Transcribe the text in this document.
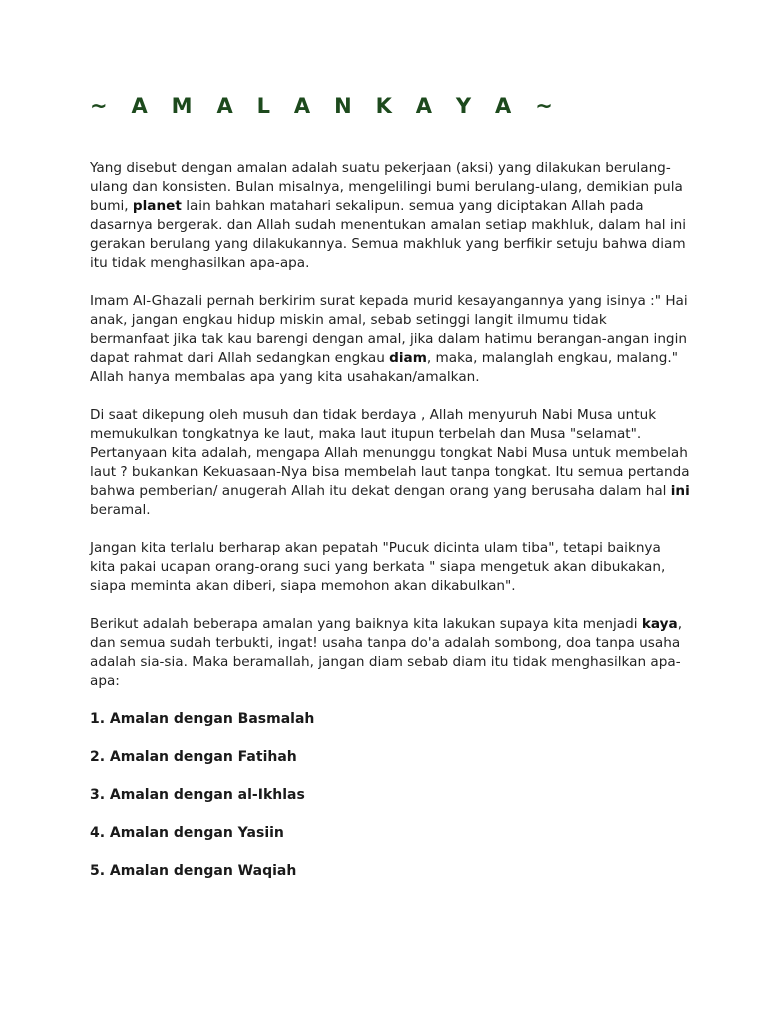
~ A M A L A N K A Y A ~

Yang disebut dengan amalan adalah suatu pekerjaan (aksi) yang dilakukan berulang-ulang dan konsisten. Bulan misalnya, mengelilingi bumi berulang-ulang, demikian pula bumi, planet lain bahkan matahari sekalipun. semua yang diciptakan Allah pada dasarnya bergerak. dan Allah sudah menentukan amalan setiap makhluk, dalam hal ini gerakan berulang yang dilakukannya. Semua makhluk yang berfikir setuju bahwa diam itu tidak menghasilkan apa-apa.

Imam Al-Ghazali pernah berkirim surat kepada murid kesayangannya yang isinya :" Hai anak, jangan engkau hidup miskin amal, sebab setinggi langit ilmumu tidak bermanfaat jika tak kau barengi dengan amal, jika dalam hatimu berangan-angan ingin dapat rahmat dari Allah sedangkan engkau diam, maka, malanglah engkau, malang." Allah hanya membalas apa yang kita usahakan/amalkan.

Di saat dikepung oleh musuh dan tidak berdaya , Allah menyuruh Nabi Musa untuk memukulkan tongkatnya ke laut, maka laut itupun terbelah dan Musa "selamat". Pertanyaan kita adalah, mengapa Allah menunggu tongkat Nabi Musa untuk membelah laut ? bukankan Kekuasaan-Nya bisa membelah laut tanpa tongkat. Itu semua pertanda bahwa pemberian/ anugerah Allah itu dekat dengan orang yang berusaha dalam hal ini beramal.

Jangan kita terlalu berharap akan pepatah "Pucuk dicinta ulam tiba", tetapi baiknya kita pakai ucapan orang-orang suci yang berkata " siapa mengetuk akan dibukakan, siapa meminta akan diberi, siapa memohon akan dikabulkan".

Berikut adalah beberapa amalan yang baiknya kita lakukan supaya kita menjadi kaya, dan semua sudah terbukti, ingat! usaha tanpa do'a adalah sombong, doa tanpa usaha adalah sia-sia. Maka beramallah, jangan diam sebab diam itu tidak menghasilkan apa-apa:

1. Amalan dengan Basmalah

2. Amalan dengan Fatihah

3. Amalan dengan al-Ikhlas

4. Amalan dengan Yasiin

5. Amalan dengan Waqiah
